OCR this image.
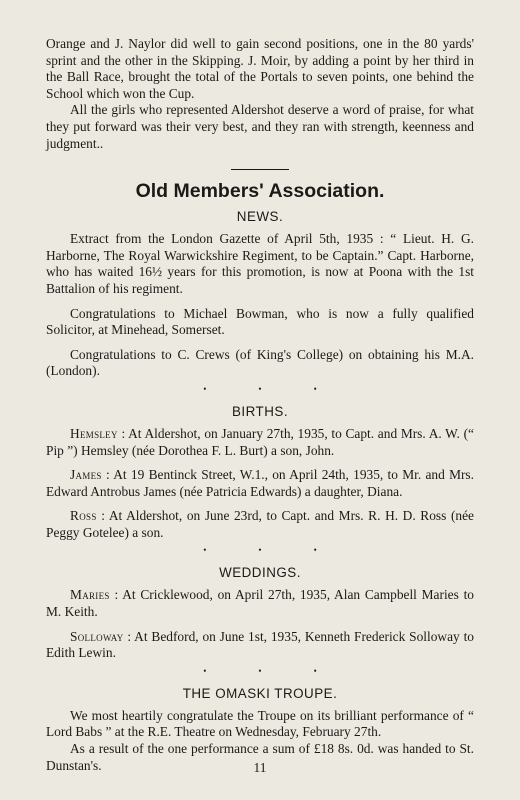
Orange and J. Naylor did well to gain second positions, one in the 80 yards' sprint and the other in the Skipping. J. Moir, by adding a point by her third in the Ball Race, brought the total of the Portals to seven points, one behind the School which won the Cup.

All the girls who represented Aldershot deserve a word of praise, for what they put forward was their very best, and they ran with strength, keenness and judgment..

Old Members' Association.
NEWS.

Extract from the London Gazette of April 5th, 1935 : “ Lieut. H. G. Harborne, The Royal Warwickshire Regiment, to be Captain.” Capt. Harborne, who has waited 16½ years for this promotion, is now at Poona with the 1st Battalion of his regiment.

Congratulations to Michael Bowman, who is now a fully qualified Solicitor, at Minehead, Somerset.

Congratulations to C. Crews (of King's College) on obtaining his M.A. (London).

•	•	•
BIRTHS.

Hemsley : At Aldershot, on January 27th, 1935, to Capt. and Mrs. A. W. (“ Pip ”) Hemsley (née Dorothea F. L. Burt) a son, John.

James : At 19 Bentinck Street, W.1., on April 24th, 1935, to Mr. and Mrs. Edward Antrobus James (née Patricia Edwards) a daughter, Diana.

Ross : At Aldershot, on June 23rd, to Capt. and Mrs. R. H. D. Ross (née Peggy Gotelee) a son.

•	•	•
WEDDINGS.

Maries : At Cricklewood, on April 27th, 1935, Alan Campbell Maries to M. Keith.

Solloway : At Bedford, on June 1st, 1935, Kenneth Frederick Solloway to Edith Lewin.

•	•	•
THE OMASKI TROUPE.

We most heartily congratulate the Troupe on its brilliant performance of “ Lord Babs ” at the R.E. Theatre on Wednesday, February 27th.

As a result of the one performance a sum of £18 8s. 0d. was handed to St. Dunstan's.	11
